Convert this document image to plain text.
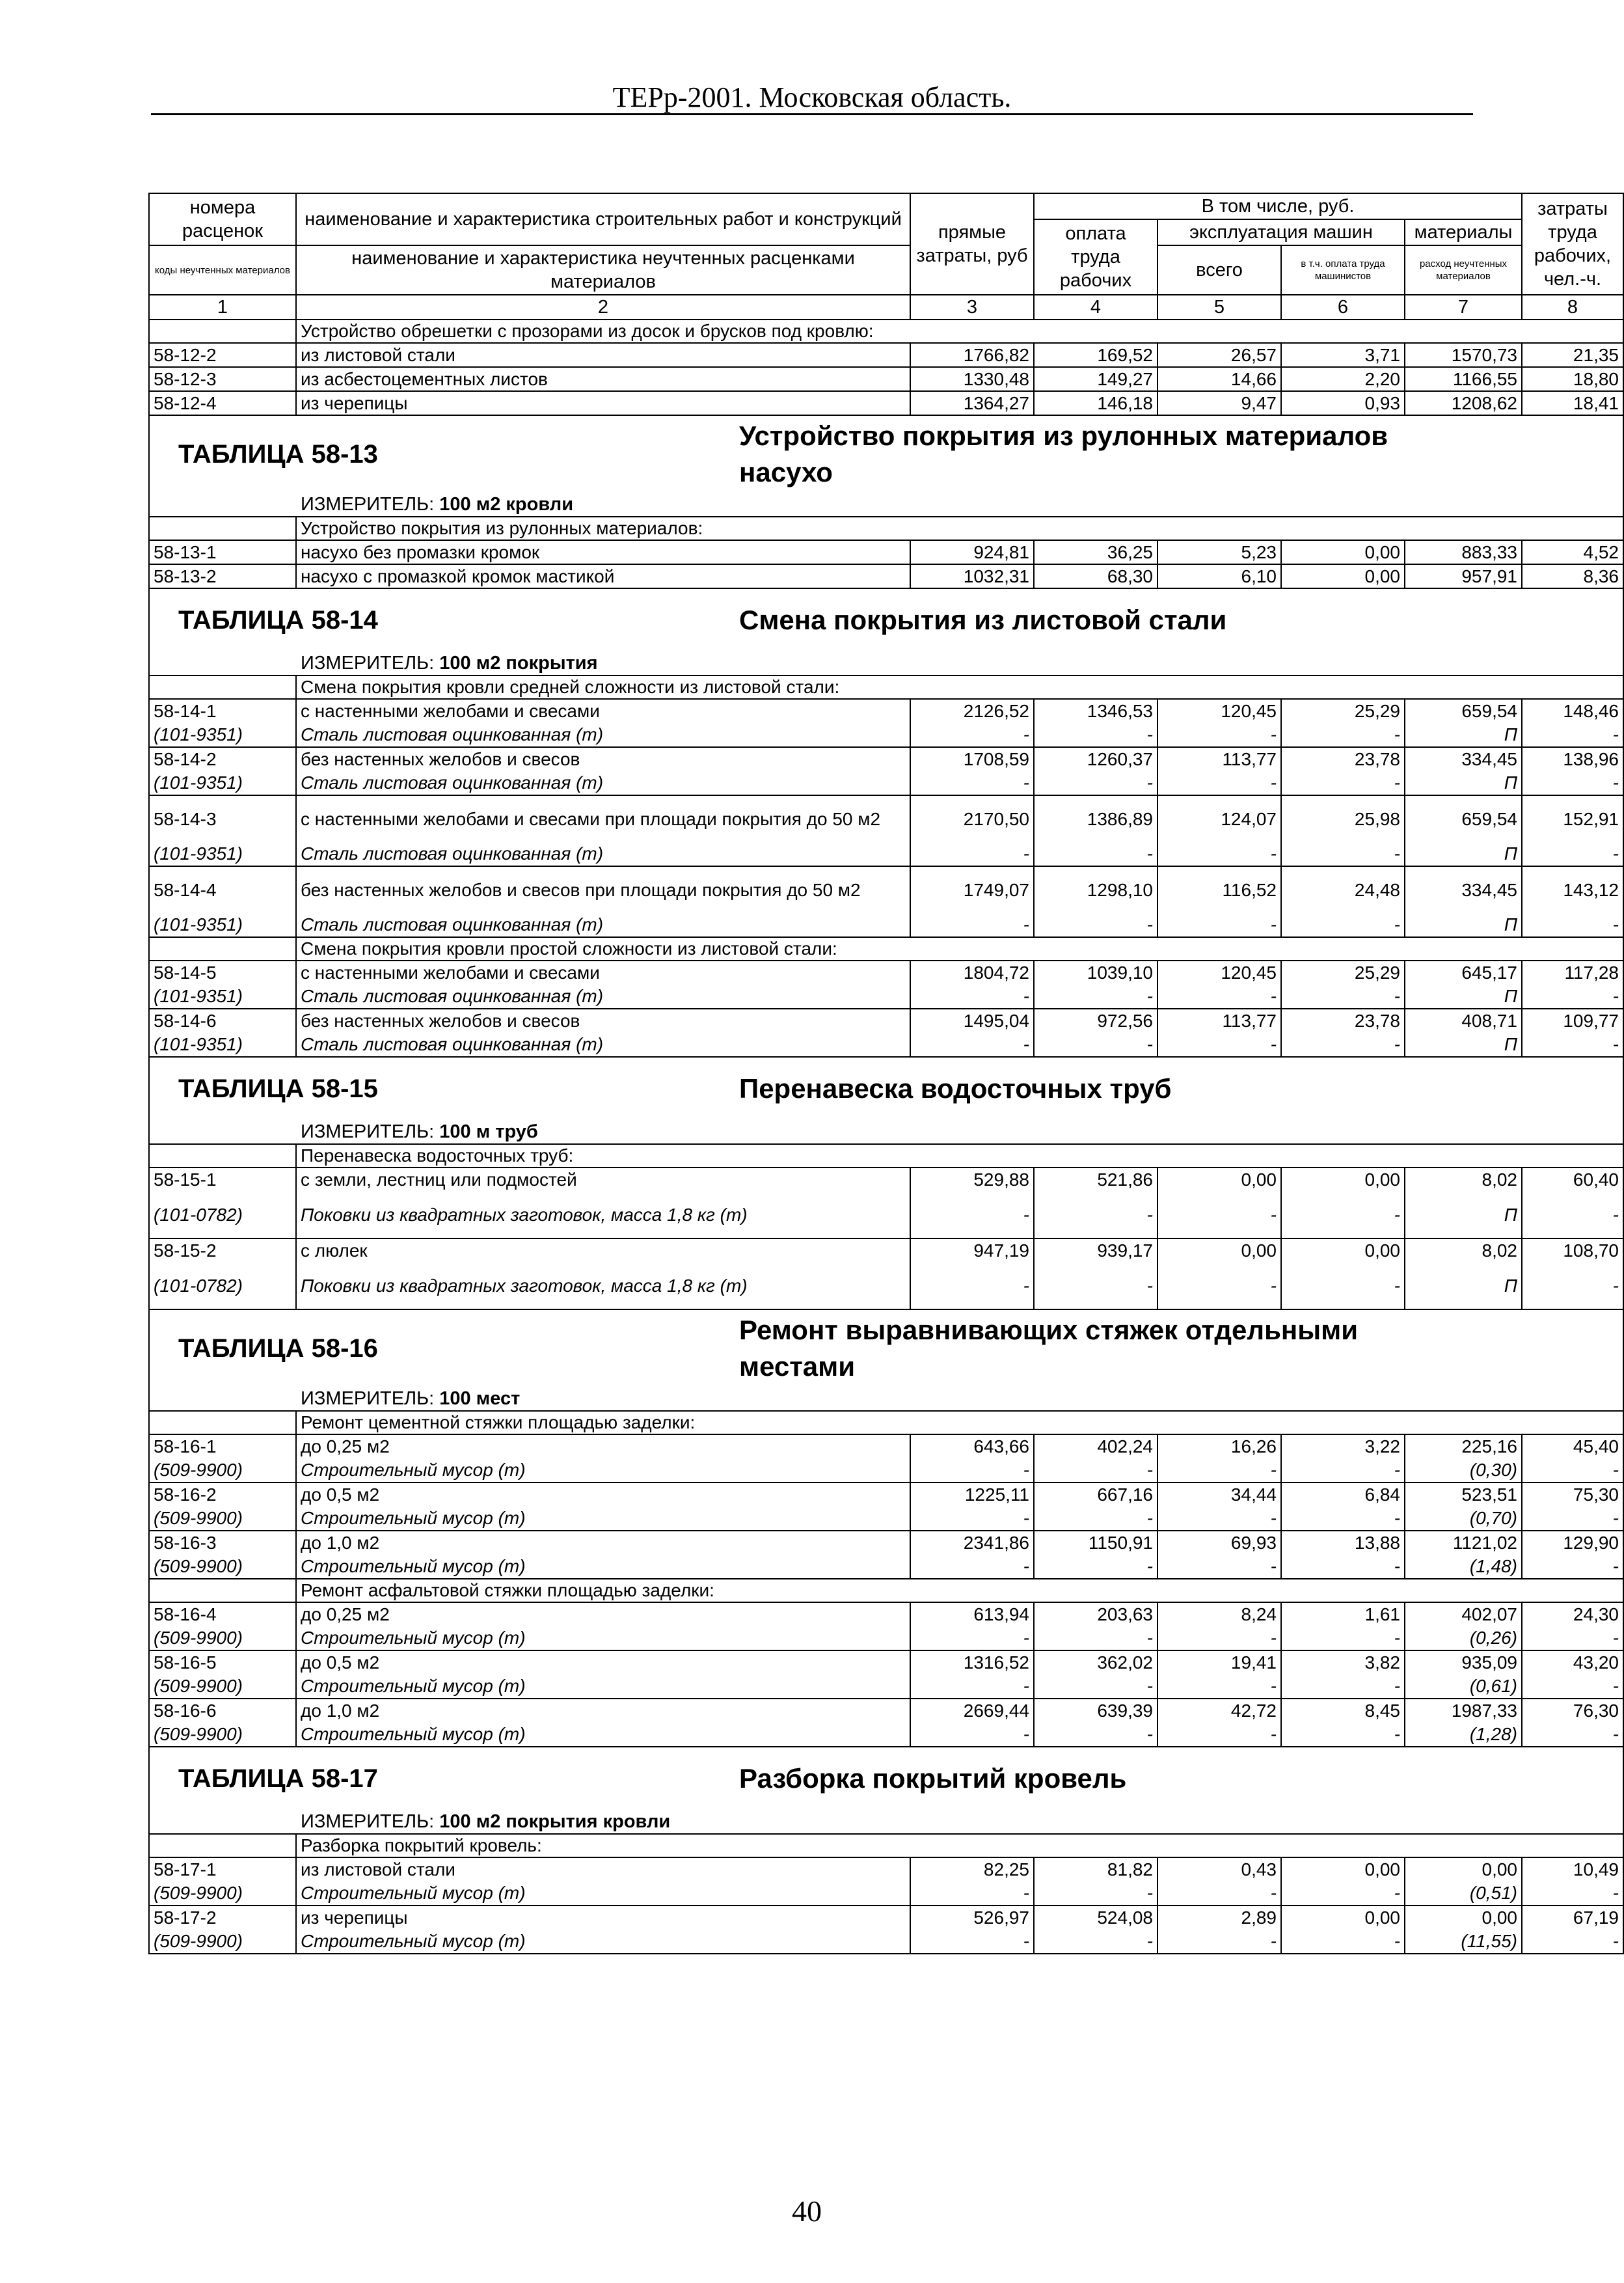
ТЕРр-2001. Московская область.
номера расценок	наименование и характеристика строительных работ и конструкций	прямые затраты, руб	В том числе, руб.				затраты труда рабочих, чел.-ч.
			оплата труда рабочих	эксплуатация машин		материалы	
коды неучтенных материалов	наименование и характеристика неучтенных расценками материалов			всего	в т.ч. оплата труда машинистов	расход неучтенных материалов	

1	2	3	4	5	6	7	8
	Устройство обрешетки с прозорами из досок и брусков под кровлю:						
58-12-2	из листовой стали	1766,82	169,52	26,57	3,71	1570,73	21,35
58-12-3	из асбестоцементных листов	1330,48	149,27	14,66	2,20	1166,55	18,80
58-12-4	из черепицы	1364,27	146,18	9,47	0,93	1208,62	18,41

ТАБЛИЦА 58-13
Устройство покрытия из рулонных материалов насухо							

ИЗМЕРИТЕЛЬ: 100 м2 кровли							
	Устройство покрытия из рулонных материалов:						
58-13-1	насухо без промазки кромок	924,81	36,25	5,23	0,00	883,33	4,52
58-13-2	насухо с промазкой кромок мастикой	1032,31	68,30	6,10	0,00	957,91	8,36

ТАБЛИЦА 58-14 Смена покрытия из листовой стали							

ИЗМЕРИТЕЛЬ: 100 м2 покрытия							
	Смена покрытия кровли средней сложности из листовой стали:						
58-14-1	с настенными желобами и свесами	2126,52	1346,53	120,45	25,29	659,54	148,46
(101-9351)	Сталь листовая оцинкованная (т)	-	-	-	-	П	-
58-14-2	без настенных желобов и свесов	1708,59	1260,37	113,77	23,78	334,45	138,96
(101-9351)	Сталь листовая оцинкованная (т)	-	-	-	-	П	-
58-14-3	с настенными желобами и свесами при площади покрытия до 50 м2	2170,50	1386,89	124,07	25,98	659,54	152,91
(101-9351)	Сталь листовая оцинкованная (т)	-	-	-	-	П	-
58-14-4	без настенных желобов и свесов при площади покрытия до 50 м2	1749,07	1298,10	116,52	24,48	334,45	143,12
(101-9351)	Сталь листовая оцинкованная (т)	-	-	-	-	П	-
	Смена покрытия кровли простой сложности из листовой стали:						
58-14-5	с настенными желобами и свесами	1804,72	1039,10	120,45	25,29	645,17	117,28
(101-9351)	Сталь листовая оцинкованная (т)	-	-	-	-	П	-
58-14-6	без настенных желобов и свесов	1495,04	972,56	113,77	23,78	408,71	109,77
(101-9351)	Сталь листовая оцинкованная (т)	-	-	-	-	П	-

ТАБЛИЦА 58-15 Перенавеска водосточных труб							

ИЗМЕРИТЕЛЬ: 100 м труб							
	Перенавеска водосточных труб:						
58-15-1	с земли, лестниц или подмостей	529,88	521,86	0,00	0,00	8,02	60,40
(101-0782)	Поковки из квадратных заготовок, масса 1,8 кг (т)	-	-	-	-	П	-
58-15-2	с люлек	947,19	939,17	0,00	0,00	8,02	108,70
(101-0782)	Поковки из квадратных заготовок, масса 1,8 кг (т)	-	-	-	-	П	-

ТАБЛИЦА 58-16
Ремонт выравнивающих стяжек отдельными местами							

ИЗМЕРИТЕЛЬ: 100 мест							
	Ремонт цементной стяжки площадью заделки:						
58-16-1	до 0,25 м2	643,66	402,24	16,26	3,22	225,16	45,40
(509-9900)	Строительный мусор (т)	-	-	-	-	(0,30)	-
58-16-2	до 0,5 м2	1225,11	667,16	34,44	6,84	523,51	75,30
(509-9900)	Строительный мусор (т)	-	-	-	-	(0,70)	-
58-16-3	до 1,0 м2	2341,86	1150,91	69,93	13,88	1121,02	129,90
(509-9900)	Строительный мусор (т)	-	-	-	-	(1,48)	-
	Ремонт асфальтовой стяжки площадью заделки:						
58-16-4	до 0,25 м2	613,94	203,63	8,24	1,61	402,07	24,30
(509-9900)	Строительный мусор (т)	-	-	-	-	(0,26)	-
58-16-5	до 0,5 м2	1316,52	362,02	19,41	3,82	935,09	43,20
(509-9900)	Строительный мусор (т)	-	-	-	-	(0,61)	-
58-16-6	до 1,0 м2	2669,44	639,39	42,72	8,45	1987,33	76,30
(509-9900)	Строительный мусор (т)	-	-	-	-	(1,28)	-

ТАБЛИЦА 58-17 Разборка покрытий кровель							

ИЗМЕРИТЕЛЬ: 100 м2 покрытия кровли							
	Разборка покрытий кровель:						
58-17-1	из листовой стали	82,25	81,82	0,43	0,00	0,00	10,49
(509-9900)	Строительный мусор (т)	-	-	-	-	(0,51)	-
58-17-2	из черепицы	526,97	524,08	2,89	0,00	0,00	67,19
(509-9900)	Строительный мусор (т)	-	-	-	-	(11,55)	-
40
